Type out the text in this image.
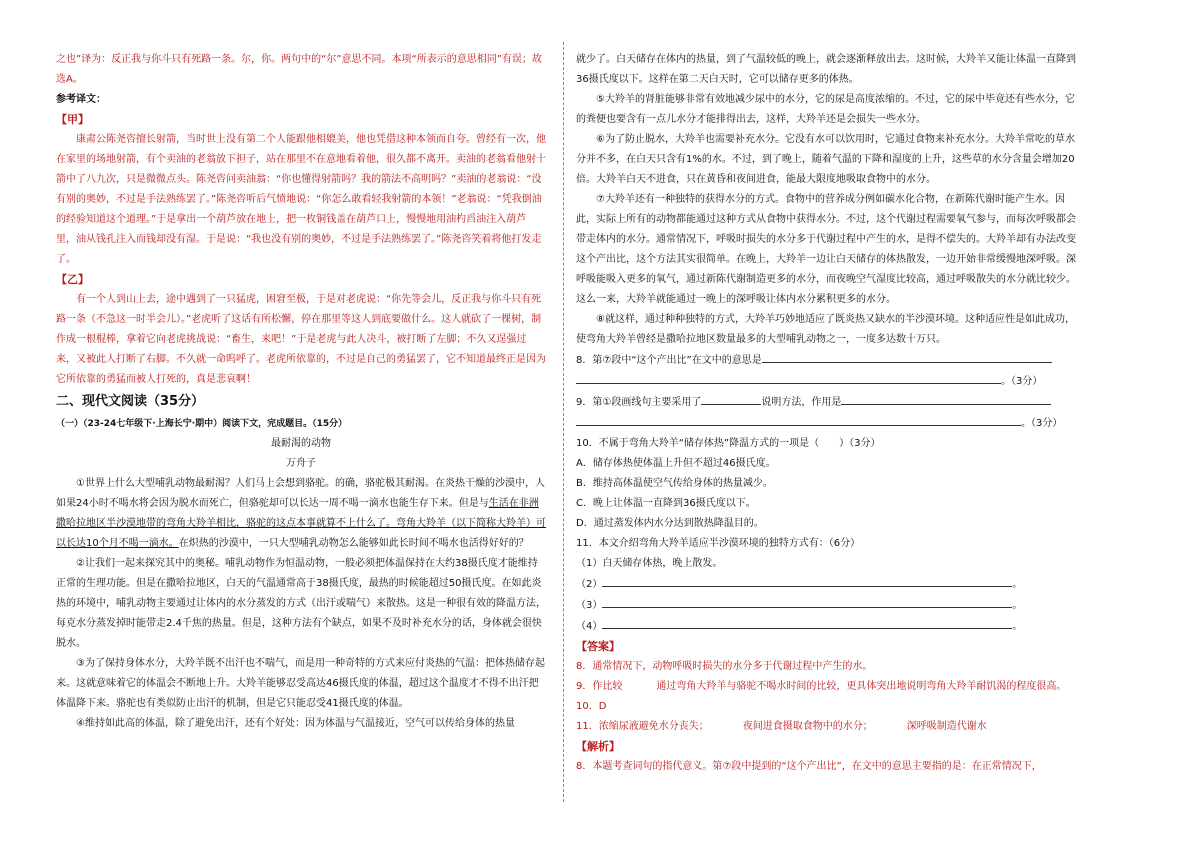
之也”译为：反正我与你斗只有死路一条。尔，你。两句中的“尔”意思不同。本项“所表示的意思相同”有误；故选A。

参考译文：

【甲】

康肃公陈尧咨擅长射箭，当时世上没有第二个人能跟他相媲美，他也凭借这种本领而自夸。曾经有一次，他在家里的场地射箭，有个卖油的老翁放下担子，站在那里不在意地看着他，很久都不离开。卖油的老翁看他射十箭中了八九次，只是微微点头。陈尧咨问卖油翁：“你也懂得射箭吗？我的箭法不高明吗？”卖油的老翁说：“没有别的奥妙，不过是手法熟练罢了。”陈尧咨听后气愤地说：“你怎么敢看轻我射箭的本领！”老翁说：“凭我倒油的经验知道这个道理。”于是拿出一个葫芦放在地上，把一枚铜钱盖在葫芦口上，慢慢地用油杓舀油注入葫芦里，油从钱孔注入而钱却没有湿。于是说：“我也没有别的奥妙，不过是手法熟练罢了。”陈尧咨笑着将他打发走了。

【乙】

有一个人到山上去，途中遇到了一只猛虎，困窘至极，于是对老虎说：“你先等会儿，反正我与你斗只有死路一条（不急这一时半会儿）。”老虎听了这话有所松懈，停在那里等这人到底要做什么。这人就砍了一棵树，制作成一根棍棒，拿着它向老虎挑战说：“畜生，来吧！”于是老虎与此人决斗，被打断了左脚；不久又逞强过来，又被此人打断了右脚。不久就一命呜呼了。老虎所依靠的，不过是自己的勇猛罢了，它不知道最终正是因为它所依靠的勇猛而被人打死的，真是悲哀啊！

二、现代文阅读（35分）

（一）（23-24七年级下·上海长宁·期中）阅读下文，完成题目。（15分）

最耐渴的动物

万舟子

①世界上什么大型哺乳动物最耐渴？人们马上会想到骆驼。的确，骆驼极其耐渴。在炎热干燥的沙漠中，人如果24小时不喝水将会因为脱水而死亡，但骆驼却可以长达一周不喝一滴水也能生存下来。但是与生活在非洲撒哈拉地区半沙漠地带的弯角大羚羊相比，骆驼的这点本事就算不上什么了。弯角大羚羊（以下简称大羚羊）可以长达10个月不喝一滴水。在炽热的沙漠中，一只大型哺乳动物怎么能够如此长时间不喝水也活得好好的？

②让我们一起来探究其中的奥秘。哺乳动物作为恒温动物，一般必须把体温保持在大约38摄氏度才能维持正常的生理功能。但是在撒哈拉地区，白天的气温通常高于38摄氏度，最热的时候能超过50摄氏度。在如此炎热的环境中，哺乳动物主要通过让体内的水分蒸发的方式（出汗或喘气）来散热。这是一种很有效的降温方法，每克水分蒸发掉时能带走2.4千焦的热量。但是，这种方法有个缺点，如果不及时补充水分的话，身体就会很快脱水。

③为了保持身体水分，大羚羊既不出汗也不喘气，而是用一种奇特的方式来应付炎热的气温：把体热储存起来。这就意味着它的体温会不断地上升。大羚羊能够忍受高达46摄氏度的体温，超过这个温度才不得不出汗把体温降下来。骆驼也有类似防止出汗的机制，但是它只能忍受41摄氏度的体温。

④维持如此高的体温，除了避免出汗，还有个好处：因为体温与气温接近，空气可以传给身体的热量

就少了。白天储存在体内的热量，到了气温较低的晚上，就会逐渐释放出去。这时候，大羚羊又能让体温一直降到36摄氏度以下。这样在第二天白天时，它可以储存更多的体热。

⑤大羚羊的肾脏能够非常有效地减少尿中的水分，它的尿是高度浓缩的。不过，它的尿中毕竟还有些水分，它的粪便也要含有一点儿水分才能排得出去，这样，大羚羊还是会损失一些水分。

⑥为了防止脱水，大羚羊也需要补充水分。它没有水可以饮用时，它通过食物来补充水分。大羚羊常吃的草水分并不多，在白天只含有1%的水。不过，到了晚上，随着气温的下降和湿度的上升，这些草的水分含量会增加20倍。大羚羊白天不进食，只在黄昏和夜间进食，能最大限度地吸取食物中的水分。

⑦大羚羊还有一种独特的获得水分的方式。食物中的营养成分例如碳水化合物，在新陈代谢时能产生水。因此，实际上所有的动物都能通过这种方式从食物中获得水分。不过，这个代谢过程需要氧气参与，而每次呼吸都会带走体内的水分。通常情况下，呼吸时损失的水分多于代谢过程中产生的水，是得不偿失的。大羚羊却有办法改变这个产出比，这个方法其实很简单。在晚上，大羚羊一边让白天储存的体热散发，一边开始非常缓慢地深呼吸。深呼吸能吸入更多的氧气，通过新陈代谢制造更多的水分，而夜晚空气湿度比较高，通过呼吸散失的水分就比较少。这么一来，大羚羊就能通过一晚上的深呼吸让体内水分累积更多的水分。

⑧就这样，通过种种独特的方式，大羚羊巧妙地适应了既炎热又缺水的半沙漠环境。这种适应性是如此成功，使弯角大羚羊曾经是撒哈拉地区数量最多的大型哺乳动物之一，一度多达数十万只。

8．第⑦段中“这个产出比”在文中的意思是

。（3分）

9．第①段画线句主要采用了	说明方法，作用是

。（3分）

10．不属于弯角大羚羊“储存体热”降温方式的一项是（　　）（3分）

A．储存体热使体温上升但不超过46摄氏度。

B．维持高体温使空气传给身体的热量减少。

C．晚上让体温一直降到36摄氏度以下。

D．通过蒸发体内水分达到散热降温目的。

11．本文介绍弯角大羚羊适应半沙漠环境的独特方式有：（6分）

（1）白天储存体热，晚上散发。

（2）	。

（3）	。

（4）	。

【答案】

8．通常情况下，动物呼吸时损失的水分多于代谢过程中产生的水。

9．作比较	通过弯角大羚羊与骆驼不喝水时间的比较，更具体突出地说明弯角大羚羊耐饥渴的程度很高。

10．D

11．浓缩尿液避免水分丧失；	夜间进食摄取食物中的水分；	深呼吸制造代谢水

【解析】

8．本题考查词句的指代意义。第⑦段中提到的“这个产出比”，在文中的意思主要指的是：在正常情况下，
